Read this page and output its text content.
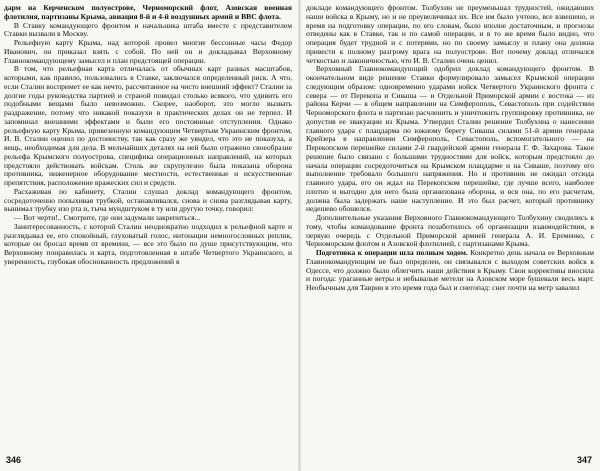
дарм на Керченском полуострове, Черноморский флот, Азовская военная флотилия, партизаны Крыма, авиация 8-й и 4-й воздушных армий и ВВС флота.

В Ставку командующего фронтом и начальника штаба вместе с представителем Ставки вызвали в Москву.

Рельефную карту Крыма, над которой провел многие бессонные часы Федор Иванович, он приказал взять с собой. По ней он и докладывал Верховному Главнокомандующему замысел и план предстоящей операции.

В том, что рельефная карта отличалась от обычных карт разных масштабов, которыми, как правило, пользовались в Ставке, заключался определенный риск. А что, если Сталин воспримет ее как нечто, рассчитанное на чисто внешний эффект? Сталин за долгие годы руководства партией и страной повидал столько всякого, что удивить его подобными вещами было невозможно. Скорее, наоборот, это могло вызвать раздражение, потому что никакой показухи в практических делах он не терпел. И запоминал внешними эффектами и были его постоянные отступления. Однако рельефную карту Крыма, привезенную командующим Четвертым Украинским фронтом, И. В. Сталин оценил по достоинству, так как сразу же увидел, что это не показуха, а вещь, необходимая для дела. В мельчайших деталях на ней было отражено своеобразие рельефа Крымского полуострова, специфика операционных направлений, на которых предстояло действовать войскам. Столь же скрупулезно была показана оборона противника, инженерное оборудование местности, естественные и искусственные препятствия, расположение вражеских сил и средств.

Расхаживая по кабинету, Сталин слушал доклад командующего фронтом, сосредоточенно попыхивая трубкой, останавливался, снова и снова разглядывая карту, вынимал трубку изо рта и, тыча мундштуком в ту или другую точку, говорил:

— Вот черти!.. Смотрите, где они задумали закрепиться...

Заинтересованность, с которой Сталин неоднократно подходил к рельефной карте и разглядывал ее, его спокойный, глуховатый голос, интонации немногословных реплик, которые он бросал время от времени, — все это было по душе присутствующим, что Верховному понравилась и карта, подготовленная в штабе Четвертого Украинского, и уверенность, глубокая обоснованность предложений в

346

докладе командующего фронтом. Толбухин не преуменьшал трудностей, ожидавших наши войска в Крыму, но и не преувеличивал их. Все им было учтено, все взвешено, и время на подготовку операции, по его словам, было вполне достаточным, и прогнозы отведены как в Ставке, так и по самой операции, и в то же время было видно, что операция будет трудной и с потерями, но по своему замыслу и плану она должна привести к полному разгрому врага на полуострове. Вот почему доклад отличался четкостью и лаконичностью, что И. В. Сталин очень ценил.

Верховный Главнокомандующий одобрил доклад командующего фронтом. В окончательном виде решение Ставки формулировало замысел Крымской операции следующим образом: одновременно ударами войск Четвертого Украинского фронта с севера — от Перекопа и Сиваша — и Отдельной Приморской армии с востока — из района Керчи — в общем направлении на Симферополь, Севастополь при содействии Черноморского флота и партизан расчленить и уничтожить группировку противника, не допустив ее эвакуации из Крыма. Утвердил Сталин решение Толбухина о нанесении главного удара с плацдарма по южному берегу Сиваша силами 51-й армии генерала Крейзера в направлении Симферополь, Севастополь, вспомогательного — на Перекопском перешейке силами 2-й гвардейской армии генерала Г. Ф. Захарова. Такое решение было связано с большими трудностями для войск, которым предстояло до начала операции сосредоточиться на Крымском плацдарме и на Сиваше, поэтому его выполнение требовало большого напряжения. Но и противник не ожидал отсюда главного удара, его он ждал на Перекопском перешейке, где лучше всего, наиболее плотно и выгодно для него была организована оборона, и вся она, по его расчетам, должна была задержать наше наступление. И это был расчет, который противнику недешево обошелся.

Дополнительные указания Верховного Главнокомандующего Толбухину сводились к тому, чтобы командование фронта позаботилось об организации взаимодействия, в первую очередь с Отдельной Приморской армией генерала А. И. Еременко, с Черноморским флотом и Азовской флотилией, с партизанами Крыма.

Подготовка к операции шла полным ходом. Конкретно день начала ее Верховным Главнокомандующим не был определен, он связывался с выходом советских войск к Одессе, что должно было облегчить наши действия в Крыму. Свои коррективы вносила и погода: ураганные ветры и небывалые метели на Азовском море бушевали весь март. Необычным для Таврии в это время года был и снегопад: снег почти на метр завалил

347
